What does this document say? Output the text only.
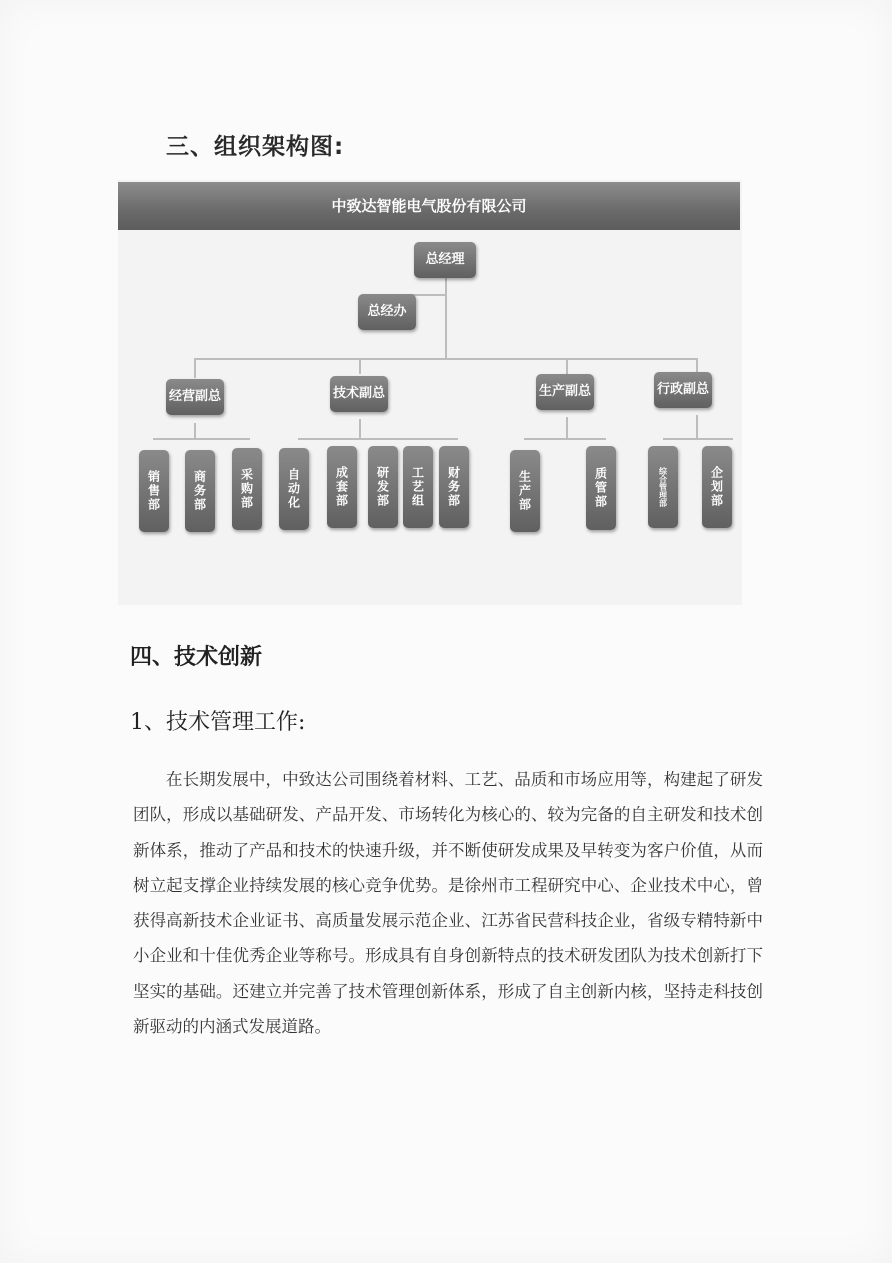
三、组织架构图:
中致达智能电气股份有限公司
总经理
总经办
经营副总	技术副总	生产副总	行政副总
销售部	商务部	采购部	自动化	成套部	研发部	工艺组	财务部	生产部	质管部	综合管理部	企划部
四、技术创新
1、技术管理工作:
在长期发展中，中致达公司围绕着材料、工艺、品质和市场应用等，构建起了研发团队，形成以基础研发、产品开发、市场转化为核心的、较为完备的自主研发和技术创新体系，推动了产品和技术的快速升级，并不断使研发成果及早转变为客户价值，从而树立起支撑企业持续发展的核心竞争优势。是徐州市工程研究中心、企业技术中心，曾获得高新技术企业证书、高质量发展示范企业、江苏省民营科技企业，省级专精特新中小企业和十佳优秀企业等称号。形成具有自身创新特点的技术研发团队为技术创新打下坚实的基础。还建立并完善了技术管理创新体系，形成了自主创新内核，坚持走科技创新驱动的内涵式发展道路。
